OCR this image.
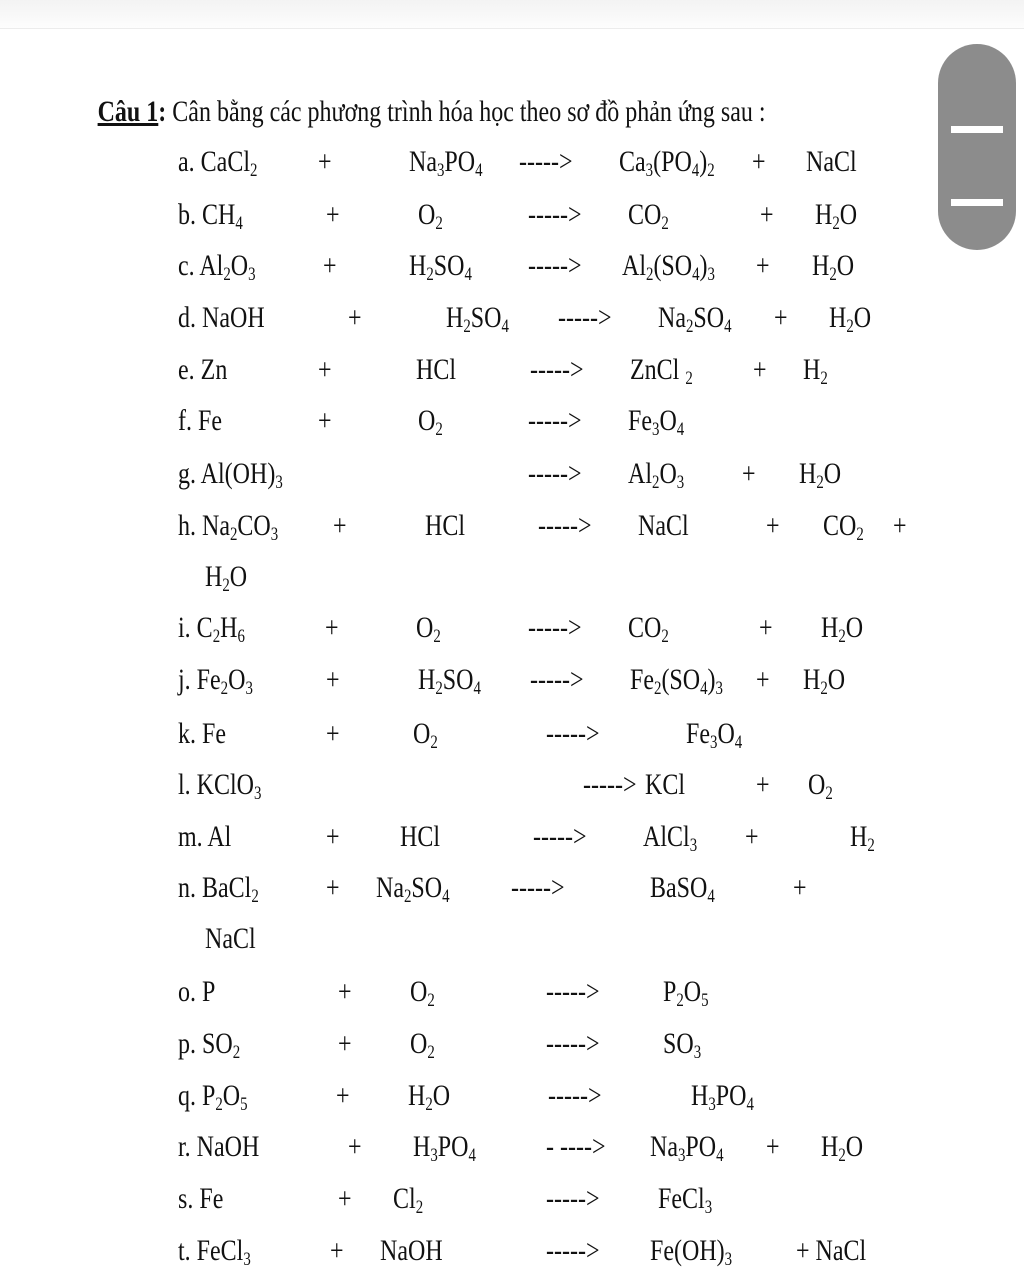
Câu 1: Cân bằng các phương trình hóa học theo sơ đồ phản ứng sau :
a. CaCl$_2$ +	$Na_3PO_4$ -----> $Ca_3(PO_4)_2$ + NaCl
b. $CH_4$	+	$O_2$	-----> $CO_2$	+ $H_2O$
c. $Al_2O_3 + H_2SO_4$ -----> $Al_2(SO_4)_3 + H_2O$
d. NaOH	+	$H_2SO_4$ -----> $Na_2SO_4 + H_2O$
e. Zn	+	HCl -----> ZnCl $_2 + H_2$
f. Fe	+	$O_2$	-----> $Fe_3O_4$
g. $Al(OH)_3$	-----> $Al_2O_3 + H_2O$
h. $Na_2CO_3$ +	HCl -----> NaCl	+ $CO_2$ +
$H_2O$
i. $C_2H_6$	+	$O_2$	-----> $CO_2$	+ $H_2O$
j. $Fe_2O_3$ +	$H_2SO_4$ -----> $Fe_2(SO_4)_3 + H_2O$
k. Fe	+ $O_2$	----->	$Fe_3O_4$
l. KClO$_3$	-----> KCl + $O_2$
m. Al	+ HCl	-----> AlCl$_3$ +	$H_2$
n. BaCl$_2$ + $Na_2SO_4$ ----->	BaSO$_4$	+
NaCl
o. P	+ $O_2$	-----> $P_2O_5$
p. $SO_2$	+ $O_2$	-----> $SO_3$
q. $P_2O_5$	+ $H_2O$	----->	$H_3PO_4$
r. NaOH	+ $H_3PO_4$ - ----> $Na_3PO_4 + H_2O$
s. Fe	+ $Cl_2$	-----> FeCl$_3$
t. FeCl$_3$	+ NaOH	-----> $Fe(OH)_3$ + NaCl
